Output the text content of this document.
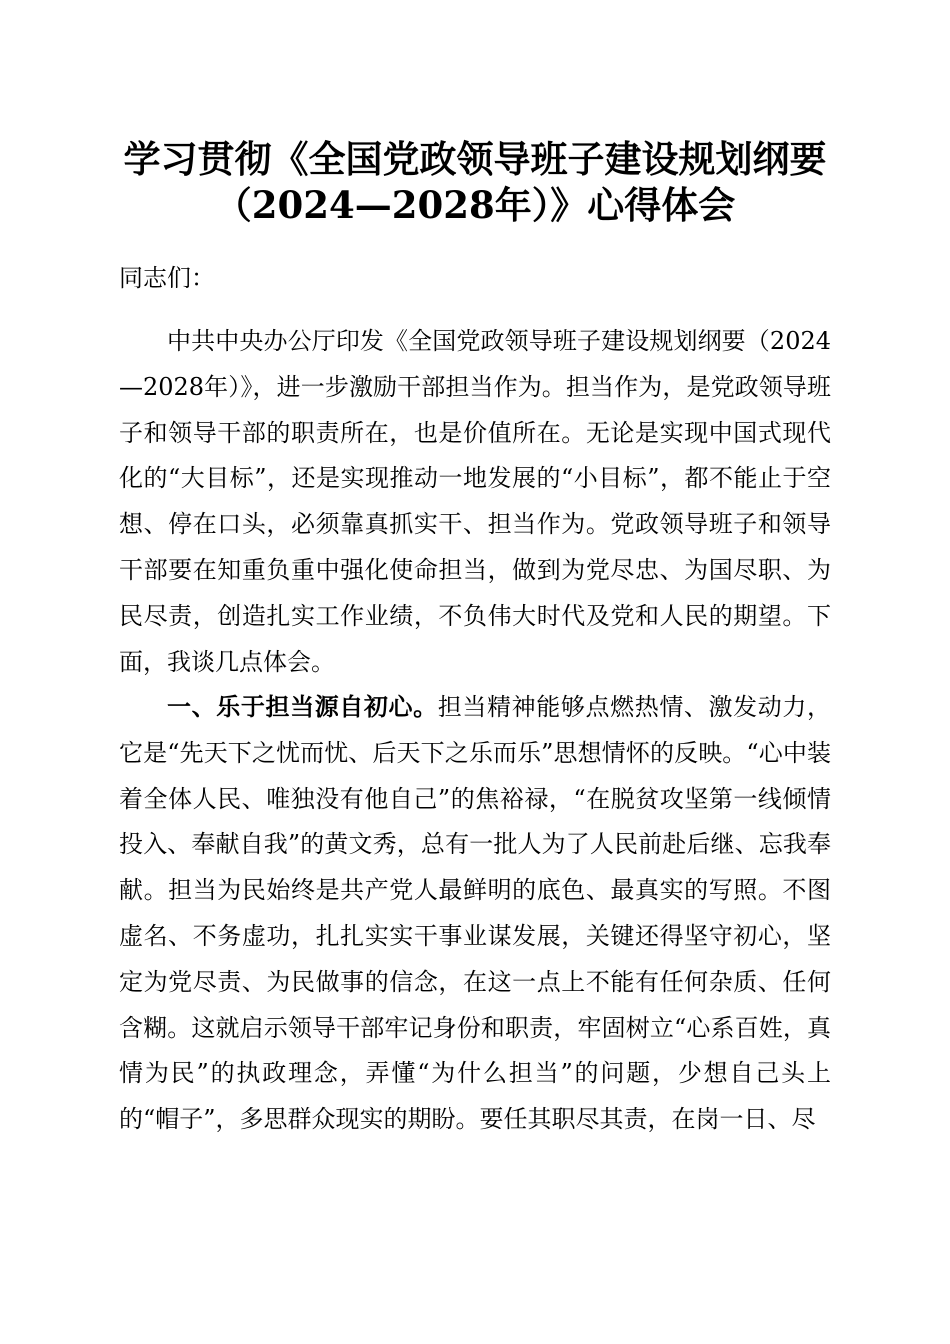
学习贯彻《全国党政领导班子建设规划纲要
（2024—2028年）》心得体会
同志们：

中共中央办公厅印发《全国党政领导班子建设规划纲要（2024—2028年）》，进一步激励干部担当作为。担当作为，是党政领导班子和领导干部的职责所在，也是价值所在。无论是实现中国式现代化的“大目标”，还是实现推动一地发展的“小目标”，都不能止于空想、停在口头，必须靠真抓实干、担当作为。党政领导班子和领导干部要在知重负重中强化使命担当，做到为党尽忠、为国尽职、为民尽责，创造扎实工作业绩，不负伟大时代及党和人民的期望。下面，我谈几点体会。

一、乐于担当源自初心。担当精神能够点燃热情、激发动力，它是“先天下之忧而忧、后天下之乐而乐”思想情怀的反映。“心中装着全体人民、唯独没有他自己”的焦裕禄，“在脱贫攻坚第一线倾情投入、奉献自我”的黄文秀，总有一批人为了人民前赴后继、忘我奉献。担当为民始终是共产党人最鲜明的底色、最真实的写照。不图虚名、不务虚功，扎扎实实干事业谋发展，关键还得坚守初心，坚定为党尽责、为民做事的信念，在这一点上不能有任何杂质、任何含糊。这就启示领导干部牢记身份和职责，牢固树立“心系百姓，真情为民”的执政理念，弄懂“为什么担当”的问题，少想自己头上的“帽子”，多思群众现实的期盼。要任其职尽其责，在岗一日、尽
